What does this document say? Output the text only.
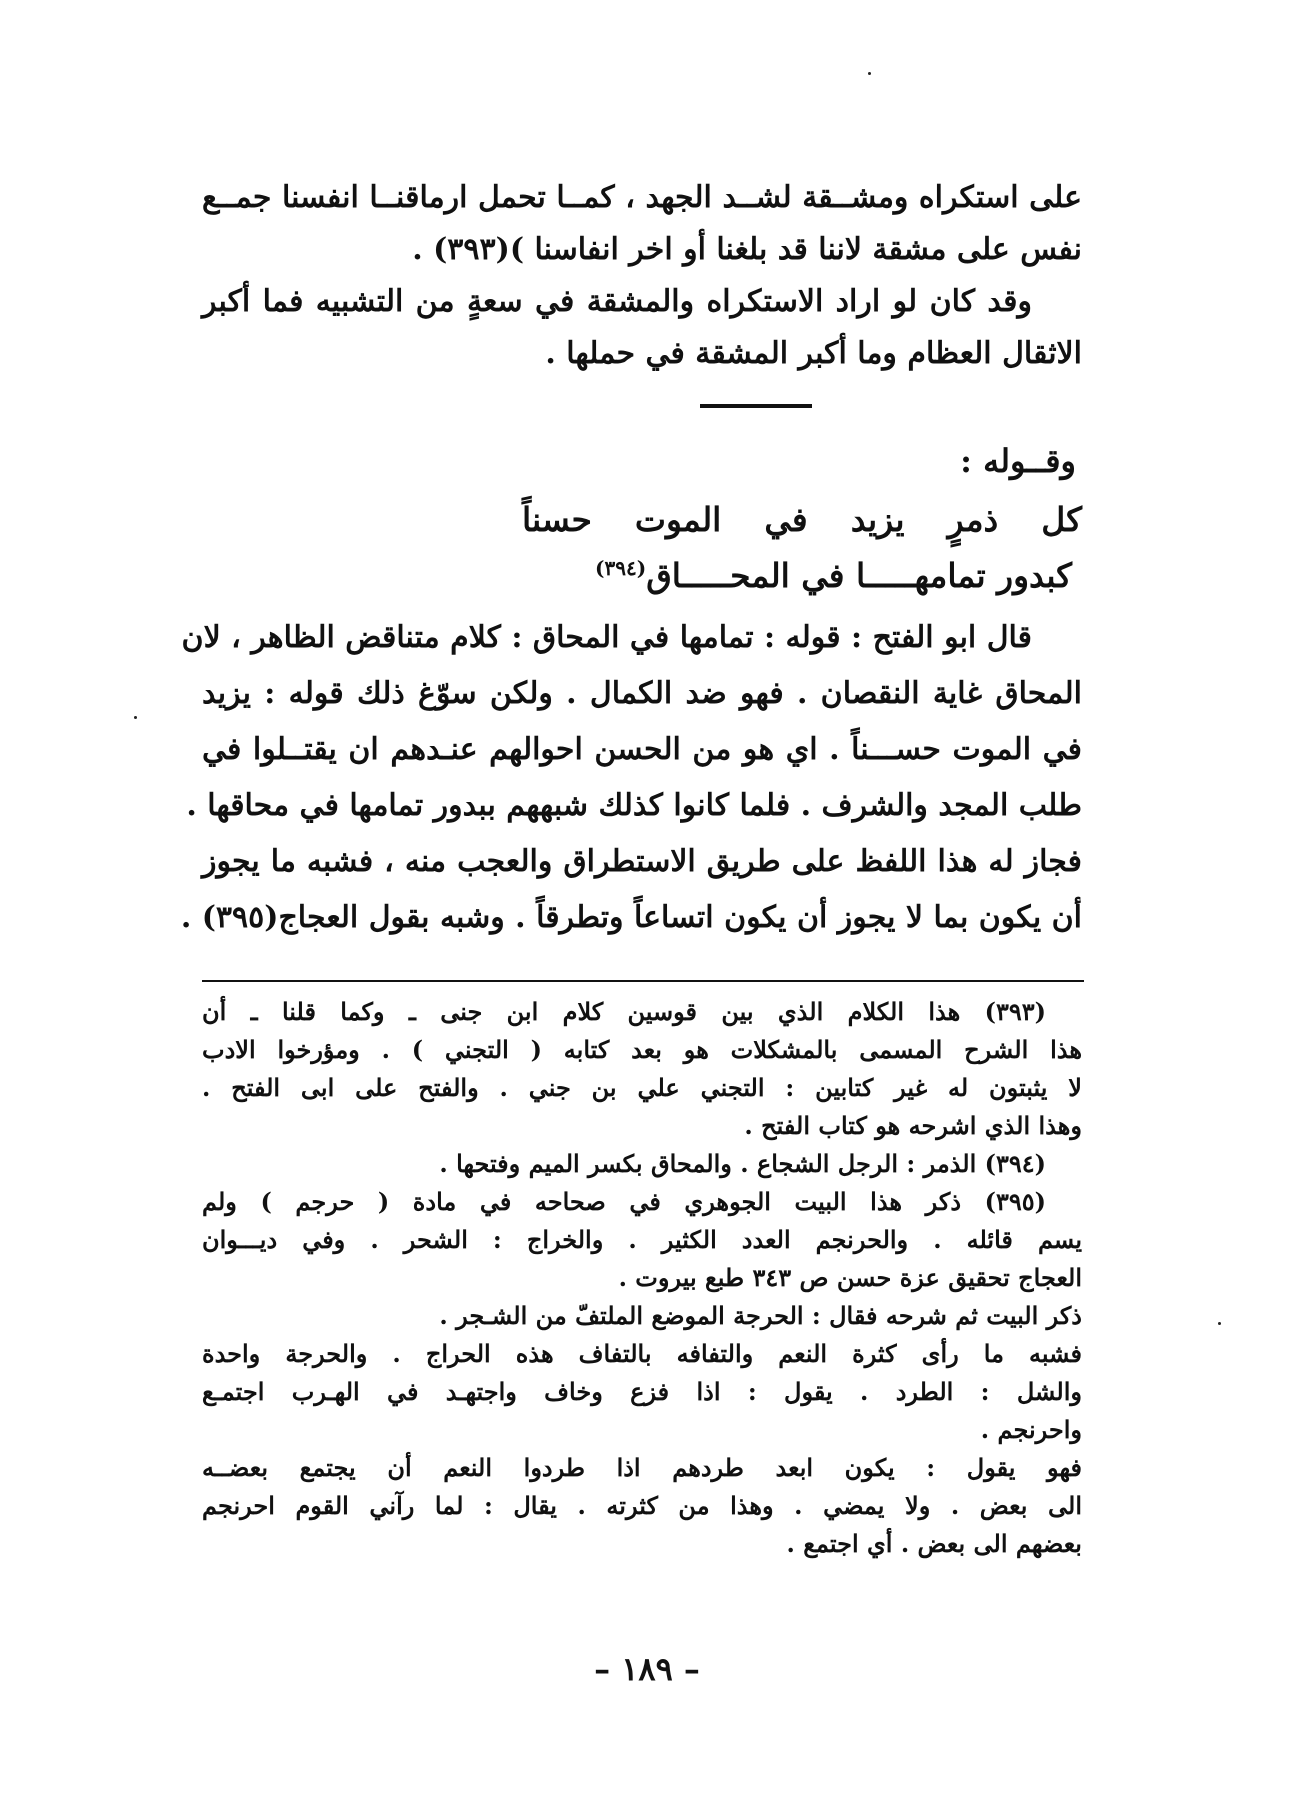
على استكراه ومشــقة لشــد الجهد ، كمــا تحمل ارماقنــا انفسنا جمــع
نفس على مشقة لاننا قد بلغنا أو اخر انفاسنا )(٣٩٣) .
وقد كان لو اراد الاستكراه والمشقة في سعةٍ من التشبيه فما أكبر
الاثقال العظام وما أكبر المشقة في حملها .
وقــوله :
كل
ذمرٍ
يزيد
في
الموت
حسناً
كبدور تمامهـــــا في المحـــــاق$^{(٣٩٤)}$
قال ابو الفتح : قوله : تمامها في المحاق : كلام متناقض الظاهر ، لان
المحاق غاية النقصان . فهو ضد الكمال . ولكن سوّغ ذلك قوله : يزيد
في الموت حســـناً . اي هو من الحسن احوالهم عنـدهم ان يقتــلوا في
طلب المجد والشرف . فلما كانوا كذلك شبههم ببدور تمامها في محاقها .
فجاز له هذا اللفظ على طريق الاستطراق والعجب منه ، فشبه ما يجوز
أن يكون بما لا يجوز أن يكون اتساعاً وتطرقاً . وشبه بقول العجاج(٣٩٥) .
(٣٩٣) هذا الكلام الذي بين قوسين كلام ابن جنى ـ وكما قلنا ـ أن
هذا الشرح المسمى بالمشكلات هو بعد كتابه ( التجني ) . ومؤرخوا الادب
لا يثبتون له غير كتابين : التجني علي بن جني . والفتح على ابى الفتح .
وهذا الذي اشرحه هو كتاب الفتح .
(٣٩٤) الذمر : الرجل الشجاع . والمحاق بكسر الميم وفتحها .
(٣٩٥) ذكر هذا البيت الجوهري في صحاحه في مادة ( حرجم ) ولم
يسم قائله . والحرنجم العدد الكثير . والخراج : الشحر . وفي ديـــوان
العجاج تحقيق عزة حسن ص ٣٤٣ طبع بيروت .
ذكر البيت ثم شرحه فقال : الحرجة الموضع الملتفّ من الشـجر .
فشبه ما رأى كثرة النعم والتفافه بالتفاف هذه الحراج . والحرجة واحدة
والشل : الطرد . يقول : اذا فزع وخاف واجتهـد في الهـرب اجتمـع
واحرنجم .
فهو يقول : يكون ابعد طردهم اذا طردوا النعم أن يجتمع بعضــه
الى بعض . ولا يمضي . وهذا من كثرته . يقال : لما رآني القوم احرنجم
بعضهم الى بعض . أي اجتمع .
– ١٨٩ –
